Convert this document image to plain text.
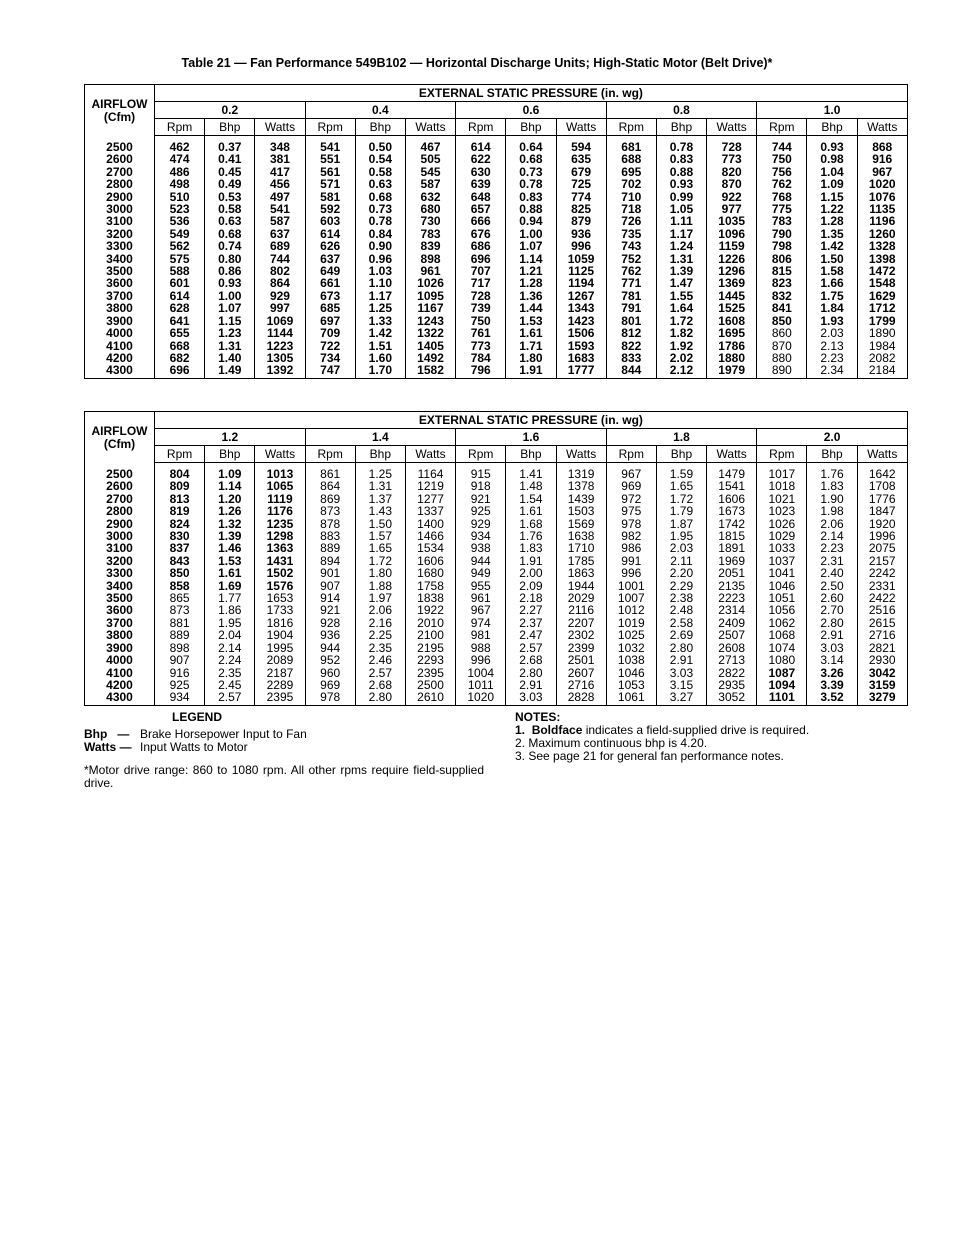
Table 21 — Fan Performance 549B102 — Horizontal Discharge Units; High-Static Motor (Belt Drive)*
AIRFLOW
(Cfm)	EXTERNAL STATIC PRESSURE (in. wg)														
	0.2			0.4			0.6			0.8			1.0		
	Rpm	Bhp	Watts	Rpm	Bhp	Watts	Rpm	Bhp	Watts	Rpm	Bhp	Watts	Rpm	Bhp	Watts
2500	462	0.37	348	541	0.50	467	614	0.64	594	681	0.78	728	744	0.93	868
2600	474	0.41	381	551	0.54	505	622	0.68	635	688	0.83	773	750	0.98	916
2700	486	0.45	417	561	0.58	545	630	0.73	679	695	0.88	820	756	1.04	967
2800	498	0.49	456	571	0.63	587	639	0.78	725	702	0.93	870	762	1.09	1020
2900	510	0.53	497	581	0.68	632	648	0.83	774	710	0.99	922	768	1.15	1076
3000	523	0.58	541	592	0.73	680	657	0.88	825	718	1.05	977	775	1.22	1135
3100	536	0.63	587	603	0.78	730	666	0.94	879	726	1.11	1035	783	1.28	1196
3200	549	0.68	637	614	0.84	783	676	1.00	936	735	1.17	1096	790	1.35	1260
3300	562	0.74	689	626	0.90	839	686	1.07	996	743	1.24	1159	798	1.42	1328
3400	575	0.80	744	637	0.96	898	696	1.14	1059	752	1.31	1226	806	1.50	1398
3500	588	0.86	802	649	1.03	961	707	1.21	1125	762	1.39	1296	815	1.58	1472
3600	601	0.93	864	661	1.10	1026	717	1.28	1194	771	1.47	1369	823	1.66	1548
3700	614	1.00	929	673	1.17	1095	728	1.36	1267	781	1.55	1445	832	1.75	1629
3800	628	1.07	997	685	1.25	1167	739	1.44	1343	791	1.64	1525	841	1.84	1712
3900	641	1.15	1069	697	1.33	1243	750	1.53	1423	801	1.72	1608	850	1.93	1799
4000	655	1.23	1144	709	1.42	1322	761	1.61	1506	812	1.82	1695	860	2.03	1890
4100	668	1.31	1223	722	1.51	1405	773	1.71	1593	822	1.92	1786	870	2.13	1984
4200	682	1.40	1305	734	1.60	1492	784	1.80	1683	833	2.02	1880	880	2.23	2082
4300	696	1.49	1392	747	1.70	1582	796	1.91	1777	844	2.12	1979	890	2.34	2184
AIRFLOW
(Cfm)	EXTERNAL STATIC PRESSURE (in. wg)														
	1.2			1.4			1.6			1.8			2.0		
	Rpm	Bhp	Watts	Rpm	Bhp	Watts	Rpm	Bhp	Watts	Rpm	Bhp	Watts	Rpm	Bhp	Watts
2500	804	1.09	1013	861	1.25	1164	915	1.41	1319	967	1.59	1479	1017	1.76	1642
2600	809	1.14	1065	864	1.31	1219	918	1.48	1378	969	1.65	1541	1018	1.83	1708
2700	813	1.20	1119	869	1.37	1277	921	1.54	1439	972	1.72	1606	1021	1.90	1776
2800	819	1.26	1176	873	1.43	1337	925	1.61	1503	975	1.79	1673	1023	1.98	1847
2900	824	1.32	1235	878	1.50	1400	929	1.68	1569	978	1.87	1742	1026	2.06	1920
3000	830	1.39	1298	883	1.57	1466	934	1.76	1638	982	1.95	1815	1029	2.14	1996
3100	837	1.46	1363	889	1.65	1534	938	1.83	1710	986	2.03	1891	1033	2.23	2075
3200	843	1.53	1431	894	1.72	1606	944	1.91	1785	991	2.11	1969	1037	2.31	2157
3300	850	1.61	1502	901	1.80	1680	949	2.00	1863	996	2.20	2051	1041	2.40	2242
3400	858	1.69	1576	907	1.88	1758	955	2.09	1944	1001	2.29	2135	1046	2.50	2331
3500	865	1.77	1653	914	1.97	1838	961	2.18	2029	1007	2.38	2223	1051	2.60	2422
3600	873	1.86	1733	921	2.06	1922	967	2.27	2116	1012	2.48	2314	1056	2.70	2516
3700	881	1.95	1816	928	2.16	2010	974	2.37	2207	1019	2.58	2409	1062	2.80	2615
3800	889	2.04	1904	936	2.25	2100	981	2.47	2302	1025	2.69	2507	1068	2.91	2716
3900	898	2.14	1995	944	2.35	2195	988	2.57	2399	1032	2.80	2608	1074	3.03	2821
4000	907	2.24	2089	952	2.46	2293	996	2.68	2501	1038	2.91	2713	1080	3.14	2930
4100	916	2.35	2187	960	2.57	2395	1004	2.80	2607	1046	3.03	2822	1087	3.26	3042
4200	925	2.45	2289	969	2.68	2500	1011	2.91	2716	1053	3.15	2935	1094	3.39	3159
4300	934	2.57	2395	978	2.80	2610	1020	3.03	2828	1061	3.27	3052	1101	3.52	3279
LEGEND
Bhp — Brake Horsepower Input to Fan
Watts — Input Watts to Motor
*Motor drive range: 860 to 1080 rpm. All other rpms require field-supplied drive.
NOTES:
1. Boldface indicates a field-supplied drive is required.
2. Maximum continuous bhp is 4.20.
3. See page 21 for general fan performance notes.
